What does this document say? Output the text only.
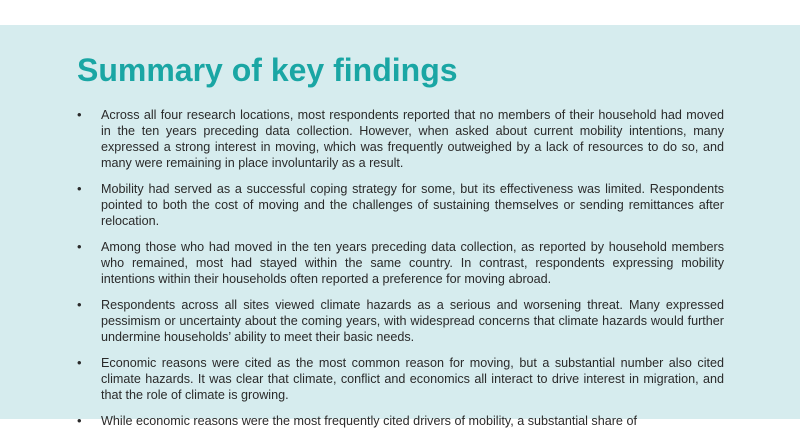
Summary of key findings
• Across all four research locations, most respondents reported that no members of their household had moved in the ten years preceding data collection. However, when asked about current mobility intentions, many expressed a strong interest in moving, which was frequently outweighed by a lack of resources to do so, and many were remaining in place involuntarily as a result.
• Mobility had served as a successful coping strategy for some, but its effectiveness was limited. Respondents pointed to both the cost of moving and the challenges of sustaining themselves or sending remittances after relocation.
• Among those who had moved in the ten years preceding data collection, as reported by household members who remained, most had stayed within the same country. In contrast, respondents expressing mobility intentions within their households often reported a preference for moving abroad.
• Respondents across all sites viewed climate hazards as a serious and worsening threat. Many expressed pessimism or uncertainty about the coming years, with widespread concerns that climate hazards would further undermine households’ ability to meet their basic needs.
• Economic reasons were cited as the most common reason for moving, but a substantial number also cited climate hazards. It was clear that climate, conflict and economics all interact to drive interest in migration, and that the role of climate is growing.
• While economic reasons were the most frequently cited drivers of mobility, a substantial share of
